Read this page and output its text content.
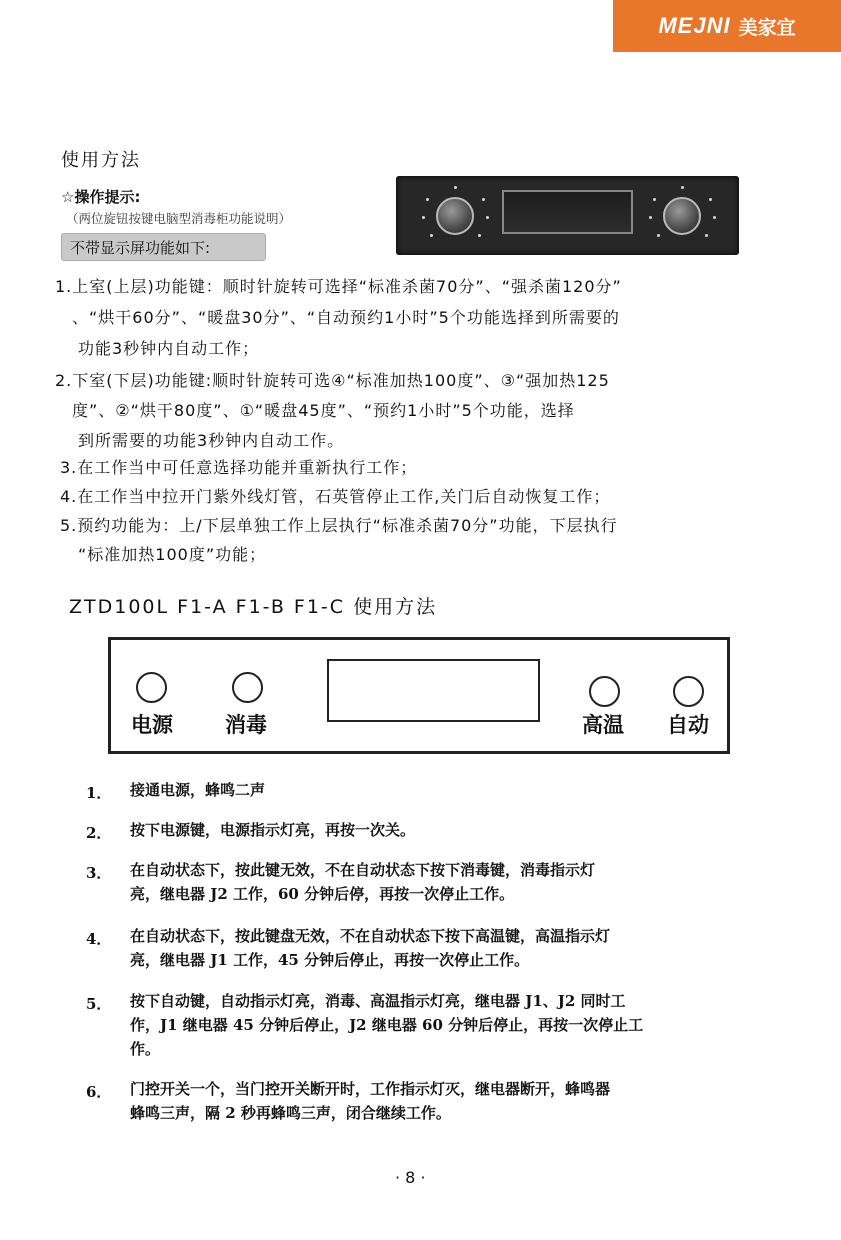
MEJNI 美家宜
使用方法
☆操作提示:
（两位旋钮按键电脑型消毒柜功能说明）
不带显示屏功能如下:
1.上室(上层)功能键：顺时针旋转可选择“标准杀菌70分”、“强杀菌120分”
、“烘干60分”、“暖盘30分”、“自动预约1小时”5个功能选择到所需要的
功能3秒钟内自动工作；
2.下室(下层)功能键:顺时针旋转可选④“标准加热100度”、③“强加热125
度”、②“烘干80度”、①“暖盘45度”、“预约1小时”5个功能，选择
到所需要的功能3秒钟内自动工作。
3.在工作当中可任意选择功能并重新执行工作；
4.在工作当中拉开门紫外线灯管，石英管停止工作,关门后自动恢复工作；
5.预约功能为：上/下层单独工作上层执行“标准杀菌70分”功能，下层执行
“标准加热100度”功能；
ZTD100L F1-A F1-B F1-C 使用方法
电源 消毒	高温 自动
1． 接通电源，蜂鸣二声
2． 按下电源键，电源指示灯亮，再按一次关。
3． 在自动状态下，按此键无效，不在自动状态下按下消毒键，消毒指示灯
亮，继电器 J2 工作，60 分钟后停，再按一次停止工作。
4． 在自动状态下，按此键盘无效，不在自动状态下按下高温键，高温指示灯
亮，继电器 J1 工作，45 分钟后停止，再按一次停止工作。
5． 按下自动键，自动指示灯亮，消毒、高温指示灯亮，继电器 J1、J2 同时工
作，J1 继电器 45 分钟后停止，J2 继电器 60 分钟后停止，再按一次停止工
作。
6． 门控开关一个，当门控开关断开时，工作指示灯灭，继电器断开，蜂鸣器
蜂鸣三声，隔 2 秒再蜂鸣三声，闭合继续工作。
· 8 ·
